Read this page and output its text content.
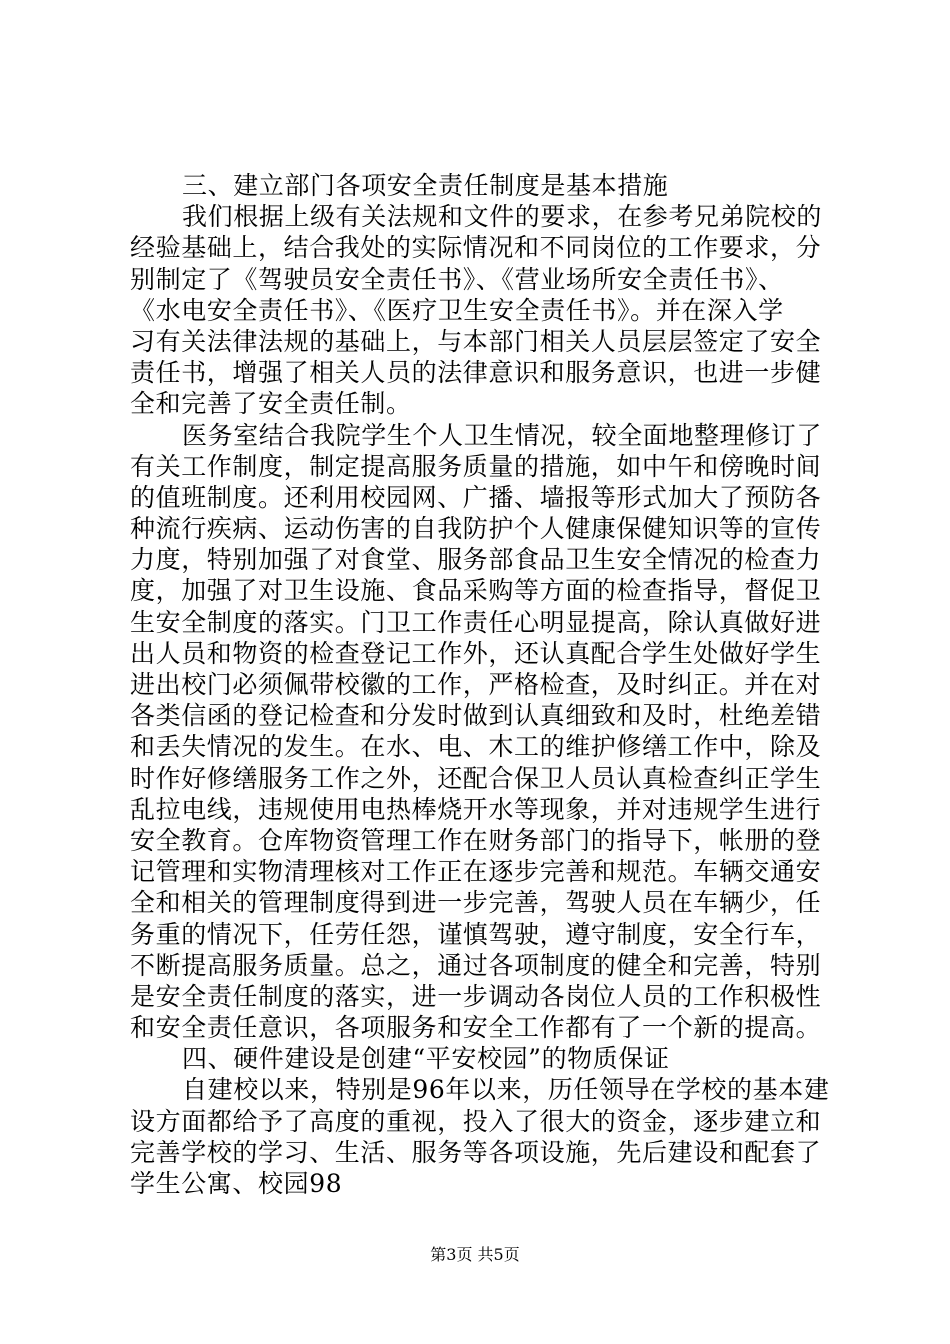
三、建立部门各项安全责任制度是基本措施
我们根据上级有关法规和文件的要求，在参考兄弟院校的
经验基础上，结合我处的实际情况和不同岗位的工作要求，分
别制定了《驾驶员安全责任书》、《营业场所安全责任书》、
《水电安全责任书》、《医疗卫生安全责任书》。并在深入学
习有关法律法规的基础上，与本部门相关人员层层签定了安全
责任书，增强了相关人员的法律意识和服务意识，也进一步健
全和完善了安全责任制。
医务室结合我院学生个人卫生情况，较全面地整理修订了
有关工作制度，制定提高服务质量的措施，如中午和傍晚时间
的值班制度。还利用校园网、广播、墙报等形式加大了预防各
种流行疾病、运动伤害的自我防护个人健康保健知识等的宣传
力度，特别加强了对食堂、服务部食品卫生安全情况的检查力
度，加强了对卫生设施、食品采购等方面的检查指导，督促卫
生安全制度的落实。门卫工作责任心明显提高，除认真做好进
出人员和物资的检查登记工作外，还认真配合学生处做好学生
进出校门必须佩带校徽的工作，严格检查，及时纠正。并在对
各类信函的登记检查和分发时做到认真细致和及时，杜绝差错
和丢失情况的发生。在水、电、木工的维护修缮工作中，除及
时作好修缮服务工作之外，还配合保卫人员认真检查纠正学生
乱拉电线，违规使用电热棒烧开水等现象，并对违规学生进行
安全教育。仓库物资管理工作在财务部门的指导下，帐册的登
记管理和实物清理核对工作正在逐步完善和规范。车辆交通安
全和相关的管理制度得到进一步完善，驾驶人员在车辆少，任
务重的情况下，任劳任怨，谨慎驾驶，遵守制度，安全行车，
不断提高服务质量。总之，通过各项制度的健全和完善，特别
是安全责任制度的落实，进一步调动各岗位人员的工作积极性
和安全责任意识，各项服务和安全工作都有了一个新的提高。
四、硬件建设是创建“平安校园”的物质保证
自建校以来，特别是96年以来，历任领导在学校的基本建
设方面都给予了高度的重视，投入了很大的资金，逐步建立和
完善学校的学习、生活、服务等各项设施，先后建设和配套了
学生公寓、校园98
第3页 共5页
